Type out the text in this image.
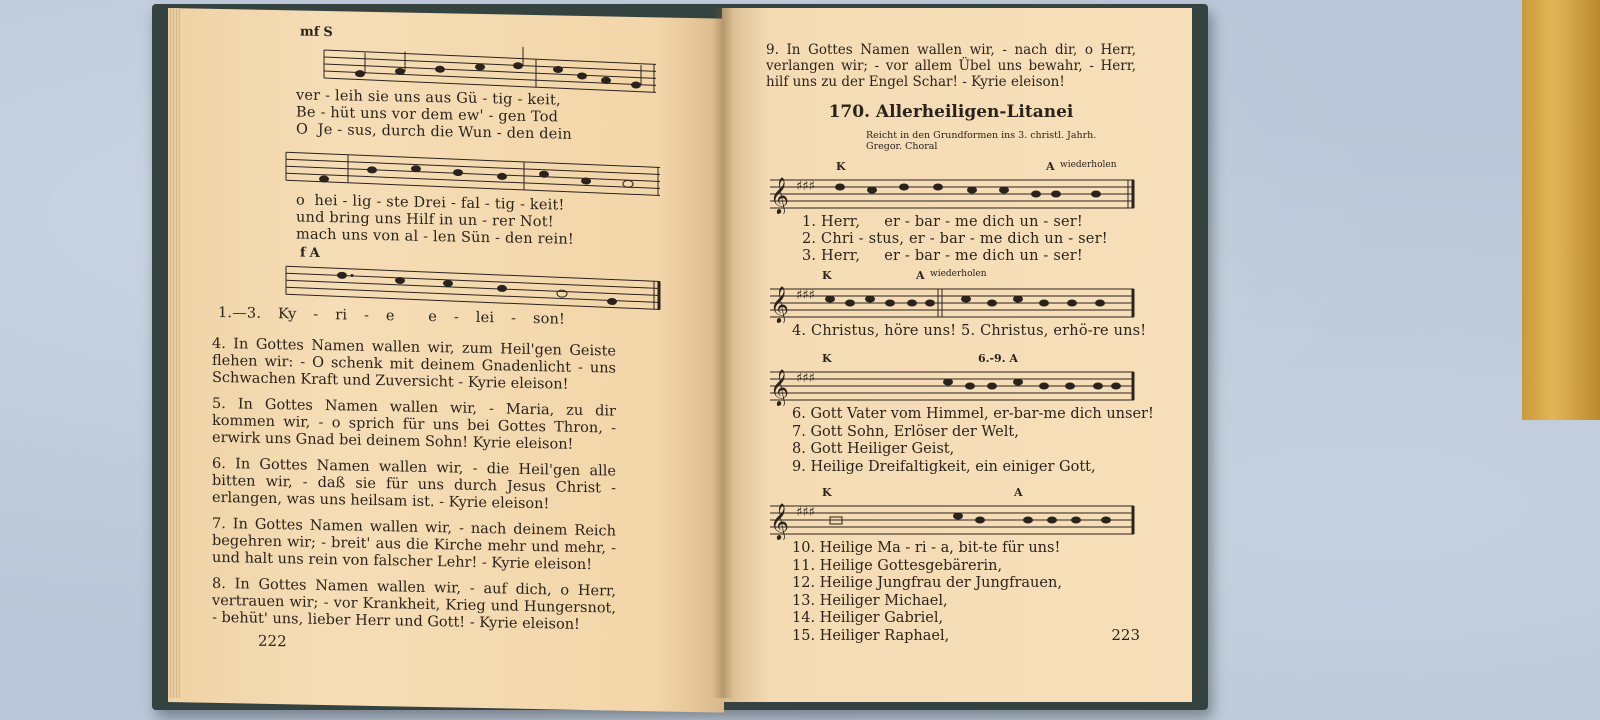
mf S
ver - leih sie uns aus Gü - tig - keit,
Be - hüt uns vor dem ew' - gen Tod
O  Je - sus, durch die Wun - den dein
o  hei - lig - ste Drei - fal - tig - keit!
und bring uns Hilf in un - rer Not!
mach uns von al - len Sün - den rein!
f A
1.—3. Ky - ri - e  e - lei - son!

4. In Gottes Namen wallen wir, zum Heil'gen Geiste flehen wir: - O schenk mit deinem Gnadenlicht - uns Schwachen Kraft und Zuversicht - Kyrie eleison!

5. In Gottes Namen wallen wir, - Maria, zu dir kommen wir, - o sprich für uns bei Gottes Thron, - erwirk uns Gnad bei deinem Sohn! Kyrie eleison!

6. In Gottes Namen wallen wir, - die Heil'gen alle bitten wir, - daß sie für uns durch Jesus Christ - erlangen, was uns heilsam ist. - Kyrie eleison!

7. In Gottes Namen wallen wir, - nach deinem Reich begehren wir; - breit' aus die Kirche mehr und mehr, - und halt uns rein von falscher Lehr! - Kyrie eleison!

8. In Gottes Namen wallen wir, - auf dich, o Herr, vertrauen wir; - vor Krankheit, Krieg und Hungersnot, - behüt' uns, lieber Herr und Gott! - Kyrie eleison!

222

9. In Gottes Namen wallen wir, - nach dir, o Herr, verlangen wir; - vor allem Übel uns bewahr, - Herr, hilf uns zu der Engel Schar! - Kyrie eleison!

170. Allerheiligen-Litanei
Reicht in den Grundformen ins 3. christl. Jahrh.
Gregor. Choral
K	A wiederholen
𝄞 ♯♯♯
1. Herr,     er - bar - me dich un - ser!
2. Chri - stus, er - bar - me dich un - ser!
3. Herr,     er - bar - me dich un - ser!
K	A wiederholen
𝄞 ♯♯♯
4. Christus, höre uns! 5. Christus, erhö-re uns!
K	6.-9. A
𝄞 ♯♯♯
6. Gott Vater vom Himmel, er-bar-me dich unser!
7. Gott Sohn, Erlöser der Welt,
8. Gott Heiliger Geist,
9. Heilige Dreifaltigkeit, ein einiger Gott,
K	A
𝄞 ♯♯♯
10. Heilige Ma - ri - a, bit-te für uns!
11. Heilige Gottesgebärerin,
12. Heilige Jungfrau der Jungfrauen,
13. Heiliger Michael,
14. Heiliger Gabriel,
15. Heiliger Raphael,	223
